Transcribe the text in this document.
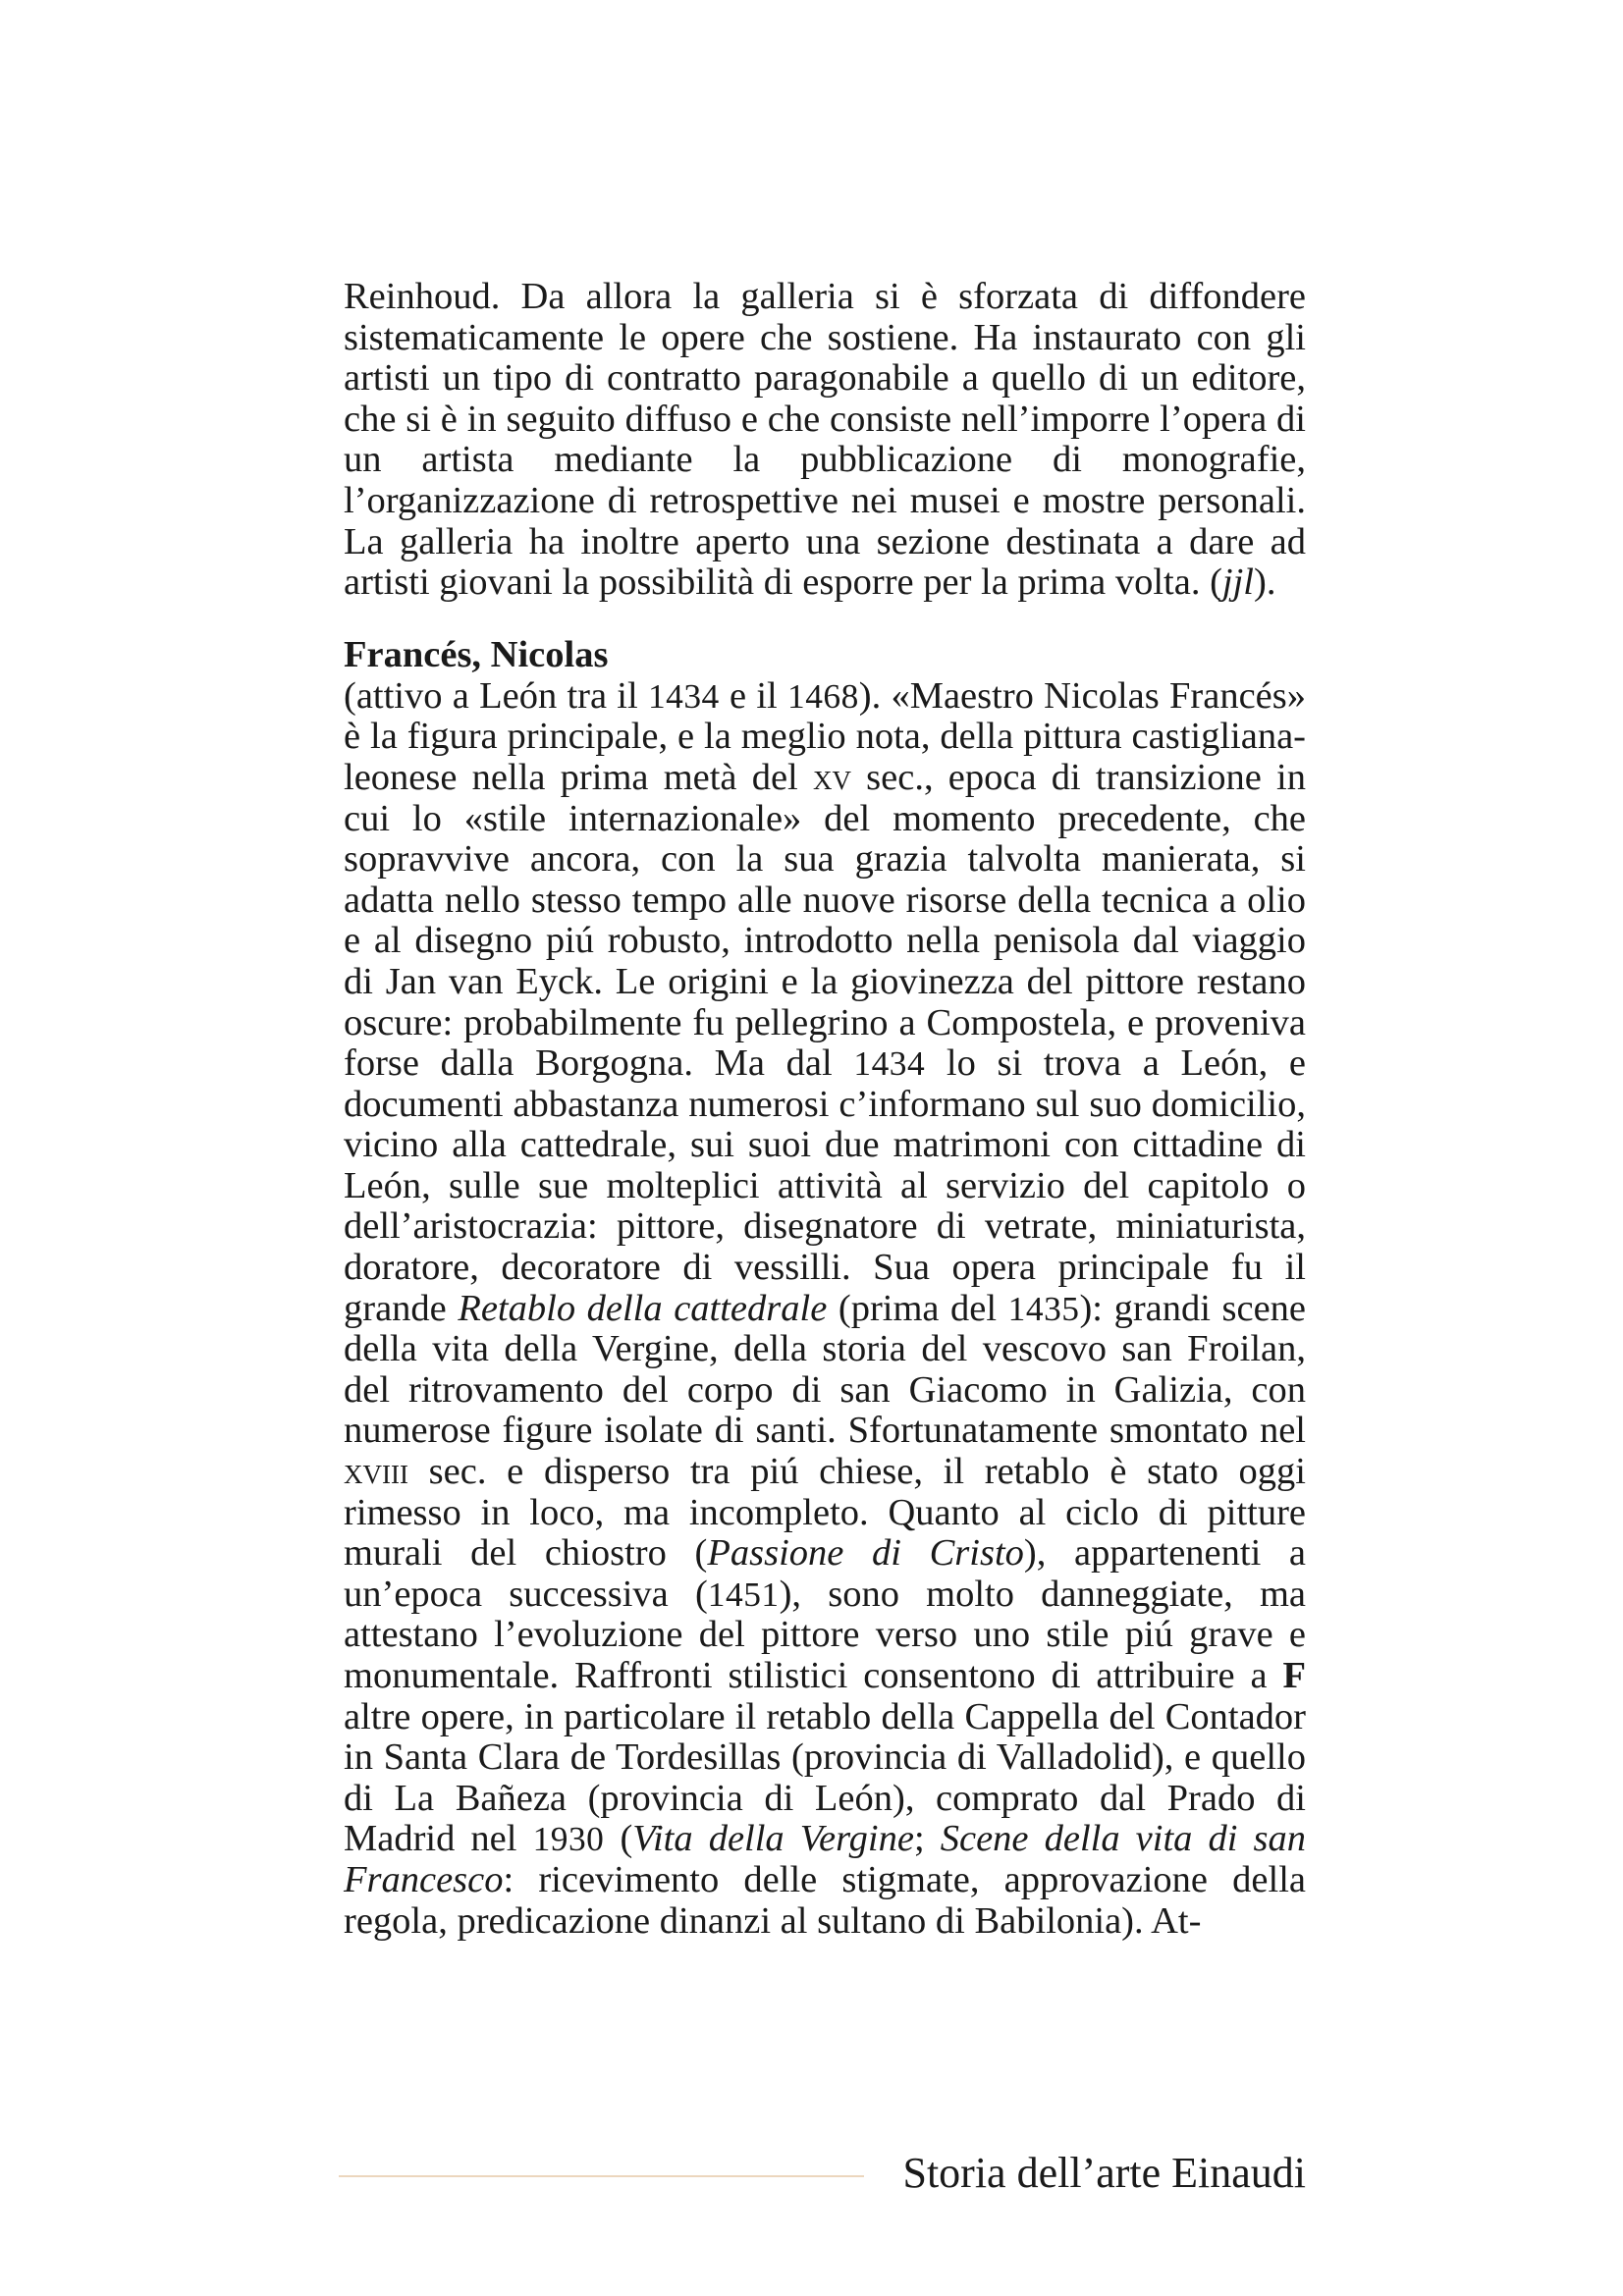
Reinhoud. Da allora la galleria si è sforzata di diffondere sistematicamente le opere che sostiene. Ha instaurato con gli artisti un tipo di contratto paragonabile a quello di un editore, che si è in seguito diffuso e che consiste nell’imporre l’opera di un artista mediante la pubblicazione di monografie, l’organizzazione di retrospettive nei musei e mostre personali. La galleria ha inoltre aperto una sezione destinata a dare ad artisti giovani la possibilità di esporre per la prima volta. (jjl).

Francés, Nicolas

(attivo a León tra il 1434 e il 1468). «Maestro Nicolas Francés» è la figura principale, e la meglio nota, della pittura castigliana-leonese nella prima metà del xv sec., epoca di transizione in cui lo «stile internazionale» del momento precedente, che sopravvive ancora, con la sua grazia talvolta manierata, si adatta nello stesso tempo alle nuove risorse della tecnica a olio e al disegno piú robusto, introdotto nella penisola dal viaggio di Jan van Eyck. Le origini e la giovinezza del pittore restano oscure: probabilmente fu pellegrino a Compostela, e proveniva forse dalla Borgogna. Ma dal 1434 lo si trova a León, e documenti abbastanza numerosi c’informano sul suo domicilio, vicino alla cattedrale, sui suoi due matrimoni con cittadine di León, sulle sue molteplici attività al servizio del capitolo o dell’aristocrazia: pittore, disegnatore di vetrate, miniaturista, doratore, decoratore di vessilli. Sua opera principale fu il grande Retablo della cattedrale (prima del 1435): grandi scene della vita della Vergine, della storia del vescovo san Froilan, del ritrovamento del corpo di san Giacomo in Galizia, con numerose figure isolate di santi. Sfortunatamente smontato nel xviii sec. e disperso tra piú chiese, il retablo è stato oggi rimesso in loco, ma incompleto. Quanto al ciclo di pitture murali del chiostro (Passione di Cristo), appartenenti a un’epoca successiva (1451), sono molto danneggiate, ma attestano l’evoluzione del pittore verso uno stile piú grave e monumentale. Raffronti stilistici consentono di attribuire a F altre opere, in particolare il retablo della Cappella del Contador in Santa Clara de Tordesillas (provincia di Valladolid), e quello di La Bañeza (provincia di León), comprato dal Prado di Madrid nel 1930 (Vita della Vergine; Scene della vita di san Francesco: ricevimento delle stigmate, approvazione della regola, predicazione dinanzi al sultano di Babilonia). At-

Storia dell’arte Einaudi
